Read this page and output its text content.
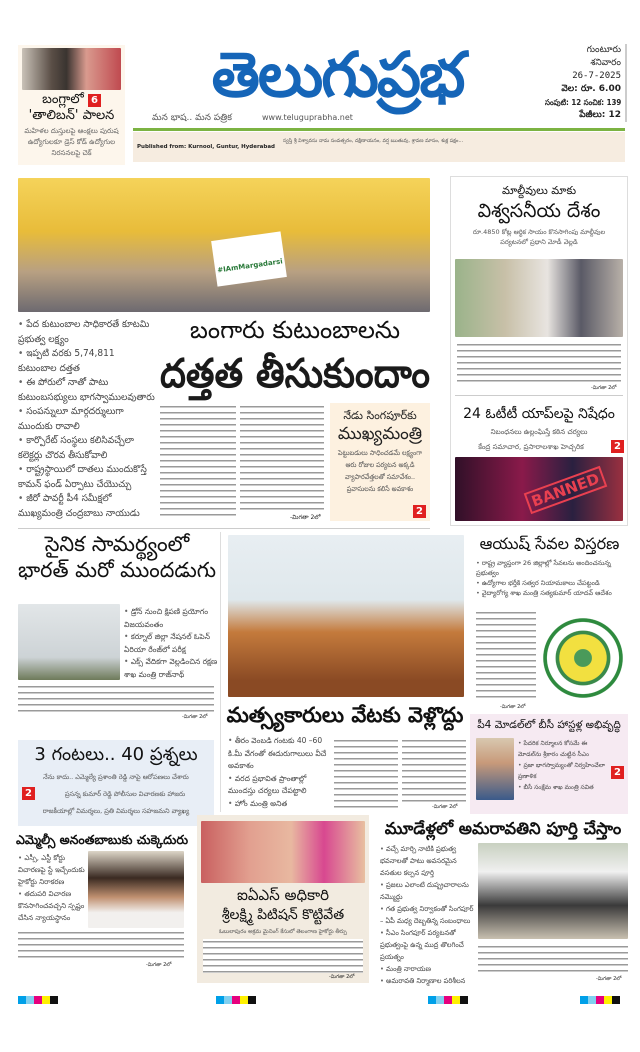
బంగ్లాలో 6
'తాలిబన్' పాలన
మహిళల దుస్తులపై ఆంక్షలు పురుష ఉద్యోగులకూ డ్రెస్ కోడ్ ఉద్యోగుల నిరసనలపై చెక్
తెలుగుప్రభ
మన భాష.. మన పత్రిక	www.teluguprabha.net
గుంటూరు
శనివారం
26-7-2025
వెల: రూ. 6.00
సంపుటి: 12 సంచిక: 139
పేజీలు: 12
Published from: Kurnool, Guntur, Hyderabad
స్వస్తి శ్రీ విశ్వావసు నామ సంవత్సరం, దక్షిణాయనం, వర్ష ఋతువు, శ్రావణ మాసం, శుక్ల పక్షం...
#IAmMargadarsi
• పేద కుటుంబాల సాధికారతే కూటమి ప్రభుత్వ లక్ష్యం
• ఇప్పటి వరకు 5,74,811 కుటుంబాల దత్తత
• ఈ పోరులో నాతో పాటు కుటుంబసభ్యులు భాగస్వాములవుతారు
• సంపన్నులూ మార్గదర్శులుగా ముందుకు రావాలి
• కార్పొరేట్ సంస్థలు కలిసివచ్చేలా కలెక్టర్లు చొరవ తీసుకోవాలి
• రాష్ట్రస్థాయిలో దాతలు ముందుకొస్తే కామన్ ఫండ్ ఏర్పాటు చేయొచ్చు
• జీరో పావర్టీ పీ4 సమీక్షలో ముఖ్యమంత్రి చంద్రబాబు నాయుడు
బంగారు కుటుంబాలను
దత్తత తీసుకుందాం
-మిగతా 2లో
నేడు సింగపూర్‌కు
ముఖ్యమంత్రి
పెట్టుబడులు సాధించడమే లక్ష్యంగా ఆరు రోజుల పర్యటన అక్కడి వ్యాపారవేత్తలతో సమావేశం.. ప్రవాసులను కలిసే అవకాశం
2
మాల్దీవులు మాకు
విశ్వసనీయ దేశం
రూ.4850 కోట్ల ఆర్థిక సాయం కొనసాగింపు మాల్దీవుల పర్యటనలో ప్రధాని మోడీ వెల్లడి
-మిగతా 2లో
24 ఓటీటీ యాప్‌లపై నిషేధం
నిబంధనలు ఉల్లంఘిస్తే కఠిన చర్యలు
కేంద్ర సమాచార, ప్రసారాలశాఖ హెచ్చరిక	2
BANNED
సైనిక సామర్థ్యంలో
భారత్ మరో ముందడుగు
• డ్రోన్ నుంచి క్షిపణి ప్రయోగం విజయవంతం
• కర్నూల్ జిల్లా నేషనల్ ఓపెన్ ఏరియా రేంజ్‌లో పరీక్ష
• ఎక్స్ వేదికగా వెల్లడించిన రక్షణ శాఖ మంత్రి రాజ్‌నాథ్
-మిగతా 2లో
3 గంటలు.. 40 ప్రశ్నలు
నేను కాదు.. ఎమ్మెల్యే ప్రశాంతి రెడ్డి నాపై ఆరోపణలు చేశారు
2	ప్రసన్న కుమార్ రెడ్డి పోలీసుల విచారణకు హాజరు
రాజకీయాల్లో విమర్శలు, ప్రతి విమర్శలు సహజమని వ్యాఖ్య
మత్స్యకారులు వేటకు వెళ్లొద్దు
• తీరం వెంబడి గంటకు 40 –60 కి.మీ వేగంతో ఈదురుగాలులు వీచే అవకాశం
• వరద ప్రభావిత ప్రాంతాల్లో ముందస్తు చర్యలు చేపట్టాలి
• హోం మంత్రి అనిత	-మిగతా 2లో
ఆయుష్ సేవల విస్తరణ
• రాష్ట్ర వ్యాప్తంగా 26 జిల్లాల్లో సేవలను అందించనున్న ప్రభుత్వం
• ఉద్యోగాల భర్తీకి సత్వర నియామకాలు చేపట్టండి
• వైద్యారోగ్య శాఖ మంత్రి సత్యకుమార్ యాదవ్ ఆదేశం
-మిగతా 2లో
పీ4 మోడల్‌లో బీసీ హాస్టళ్ల అభివృద్ధి
• పేదరిక నిర్మూలన కోసమే ఈ మోడల్‌ను శ్రీకారం చుట్టిన సీఎం
• ప్రజా భాగస్వామ్యంతో నిర్వహించేలా ప్రణాళిక
• బీసీ సంక్షేమ శాఖ మంత్రి సవిత
2
ఎమ్మెల్సీ అనంతబాబుకు చుక్కెదురు
• ఎస్సీ, ఎస్టీ కోర్టు విచారణపై స్టే ఇచ్చేందుకు హైకోర్టు నిరాకరణ
• తదుపరి విచారణ కొనసాగించవచ్చని స్పష్టం చేసిన న్యాయస్థానం
-మిగతా 2లో
ఐఏఎస్ అధికారి
శ్రీలక్ష్మి పిటిషన్ కొట్టివేత
ఓబులాపురం అక్రమ మైనింగ్ కేసులో తెలంగాణ హైకోర్టు తీర్పు
-మిగతా 2లో
మూడేళ్లలో అమరావతిని పూర్తి చేస్తాం
• వచ్చే మార్చి నాటికి ప్రభుత్వ భవనాలతో పాటు అవసరమైన వసతుల కల్పన పూర్తి
• ప్రజలు ఎలాంటి దుష్ప్రచారాలను నమ్మొద్దు
• గత ప్రభుత్వ నిర్వాకంతో సింగపూర్ – ఏపీ మధ్య దెబ్బతిన్న సంబంధాలు
• సీఎం సింగపూర్ పర్యటనతో ప్రభుత్వంపై ఉన్న ముద్ర తొలగించే ప్రయత్నం
• మంత్రి నారాయణ
• అమరావతి నిర్మాణాల పరిశీలన	-మిగతా 2లో
